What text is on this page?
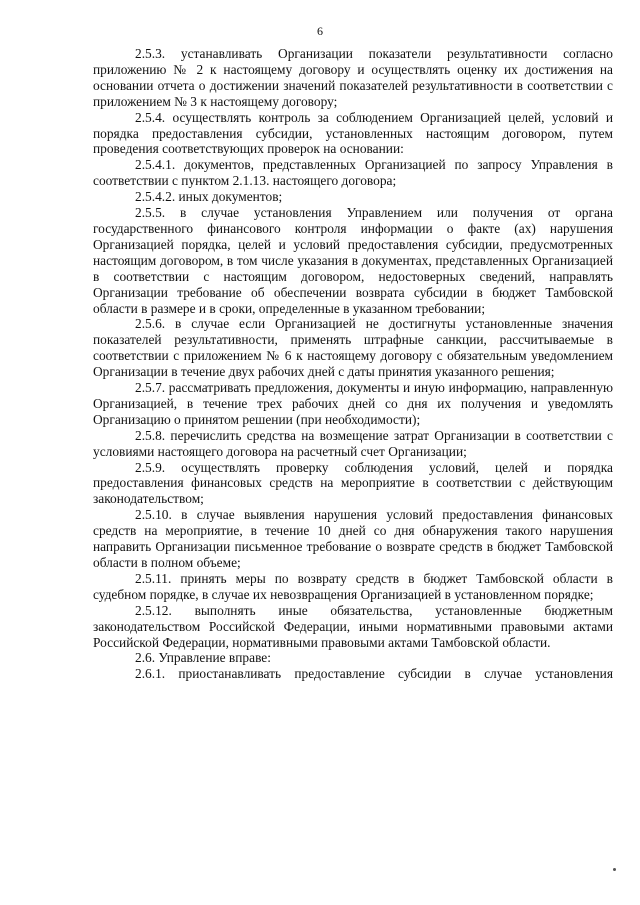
6

2.5.3. устанавливать Организации показатели результативности согласно приложению № 2 к настоящему договору и осуществлять оценку их достижения на основании отчета о достижении значений показателей результативности в соответствии с приложением № 3 к настоящему договору;

2.5.4. осуществлять контроль за соблюдением Организацией целей, условий и порядка предоставления субсидии, установленных настоящим договором, путем проведения соответствующих проверок на основании:

2.5.4.1. документов, представленных Организацией по запросу Управления в соответствии с пунктом 2.1.13. настоящего договора;

2.5.4.2. иных документов;

2.5.5. в случае установления Управлением или получения от органа государственного финансового контроля информации о факте (ах) нарушения Организацией порядка, целей и условий предоставления субсидии, предусмотренных настоящим договором, в том числе указания в документах, представленных Организацией в соответствии с настоящим договором, недостоверных сведений, направлять Организации требование об обеспечении возврата субсидии в бюджет Тамбовской области в размере и в сроки, определенные в указанном требовании;

2.5.6. в случае если Организацией не достигнуты установленные значения показателей результативности, применять штрафные санкции, рассчитываемые в соответствии с приложением № 6 к настоящему договору с обязательным уведомлением Организации в течение двух рабочих дней с даты принятия указанного решения;

2.5.7. рассматривать предложения, документы и иную информацию, направленную Организацией, в течение трех рабочих дней со дня их получения и уведомлять Организацию о принятом решении (при необходимости);

2.5.8. перечислить средства на возмещение затрат Организации в соответствии с условиями настоящего договора на расчетный счет Организации;

2.5.9. осуществлять проверку соблюдения условий, целей и порядка предоставления финансовых средств на мероприятие в соответствии с действующим законодательством;

2.5.10. в случае выявления нарушения условий предоставления финансовых средств на мероприятие, в течение 10 дней со дня обнаружения такого нарушения направить Организации письменное требование о возврате средств в бюджет Тамбовской области в полном объеме;

2.5.11. принять меры по возврату средств в бюджет Тамбовской области в судебном порядке, в случае их невозвращения Организацией в установленном порядке;

2.5.12. выполнять иные обязательства, установленные бюджетным законодательством Российской Федерации, иными нормативными правовыми актами Российской Федерации, нормативными правовыми актами Тамбовской области.

2.6. Управление вправе:

2.6.1. приостанавливать предоставление субсидии в случае установления
